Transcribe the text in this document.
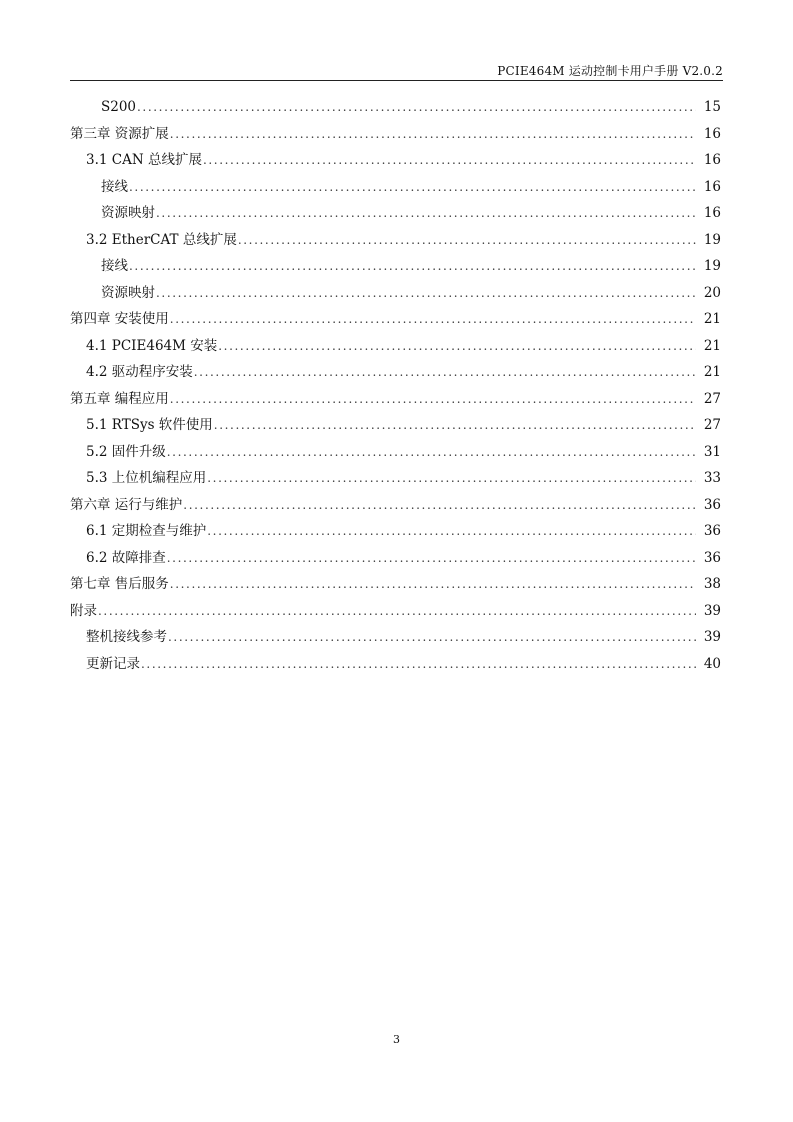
PCIE464M 运动控制卡用户手册 V2.0.2
S200 .....	15
第三章 资源扩展 .....	16
3.1 CAN 总线扩展 .....	16
接线 .....	16
资源映射 .....	16
3.2 EtherCAT 总线扩展 .....	19
接线 .....	19
资源映射 .....	20
第四章 安装使用 .....	21
4.1 PCIE464M 安装 .....	21
4.2 驱动程序安装 .....	21
第五章 编程应用 .....	27
5.1 RTSys 软件使用 .....	27
5.2 固件升级 .....	31
5.3 上位机编程应用 .....	33
第六章 运行与维护 .....	36
6.1 定期检查与维护 .....	36
6.2 故障排查 .....	36
第七章 售后服务 .....	38
附录 .....	39
整机接线参考 .....	39
更新记录 .....	40
3
